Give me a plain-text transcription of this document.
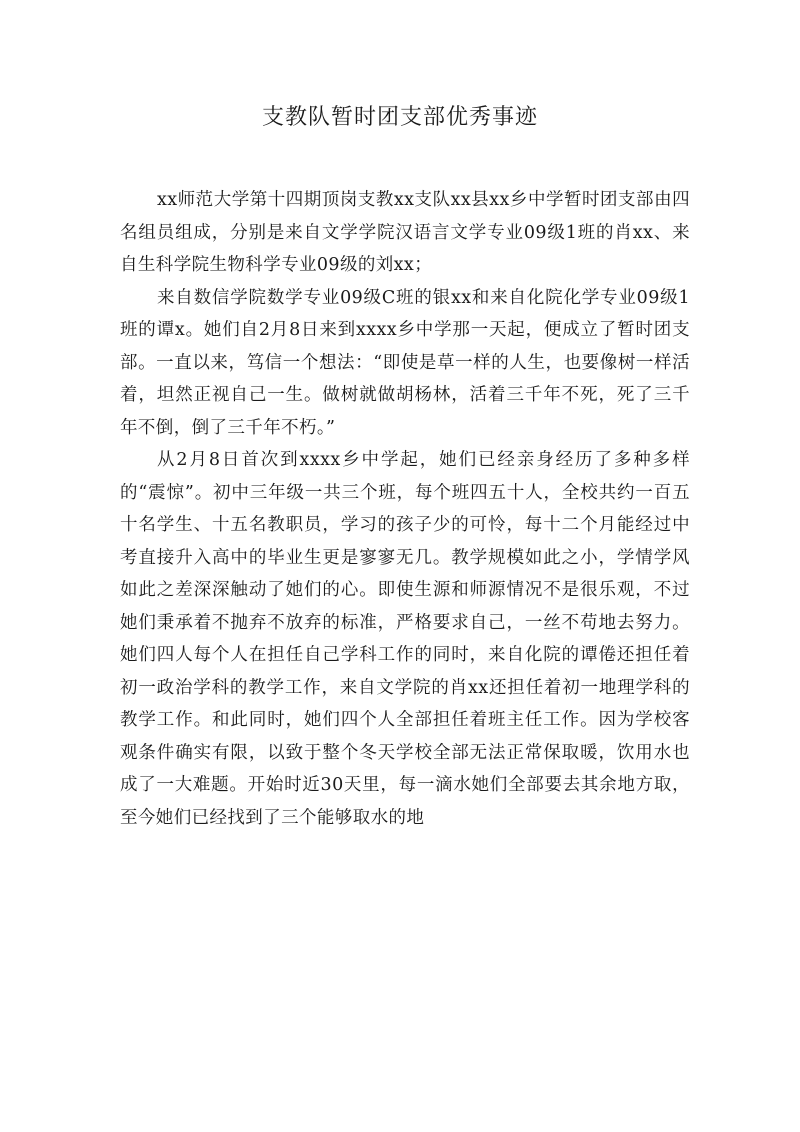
支教队暂时团支部优秀事迹

xx师范大学第十四期顶岗支教xx支队xx县xx乡中学暂时团支部由四名组员组成，分别是来自文学学院汉语言文学专业09级1班的肖xx、来自生科学院生物科学专业09级的刘xx；

来自数信学院数学专业09级C班的银xx和来自化院化学专业09级1班的谭x。她们自2月8日来到xxxx乡中学那一天起，便成立了暂时团支部。一直以来，笃信一个想法：“即使是草一样的人生，也要像树一样活着，坦然正视自己一生。做树就做胡杨林，活着三千年不死，死了三千年不倒，倒了三千年不朽。”

从2月8日首次到xxxx乡中学起，她们已经亲身经历了多种多样的“震惊”。初中三年级一共三个班，每个班四五十人，全校共约一百五十名学生、十五名教职员，学习的孩子少的可怜，每十二个月能经过中考直接升入高中的毕业生更是寥寥无几。教学规模如此之小，学情学风如此之差深深触动了她们的心。即使生源和师源情况不是很乐观，不过她们秉承着不抛弃不放弃的标准，严格要求自己，一丝不苟地去努力。她们四人每个人在担任自己学科工作的同时，来自化院的谭倦还担任着初一政治学科的教学工作，来自文学院的肖xx还担任着初一地理学科的教学工作。和此同时，她们四个人全部担任着班主任工作。因为学校客观条件确实有限，以致于整个冬天学校全部无法正常保取暖，饮用水也成了一大难题。开始时近30天里，每一滴水她们全部要去其余地方取，至今她们已经找到了三个能够取水的地
